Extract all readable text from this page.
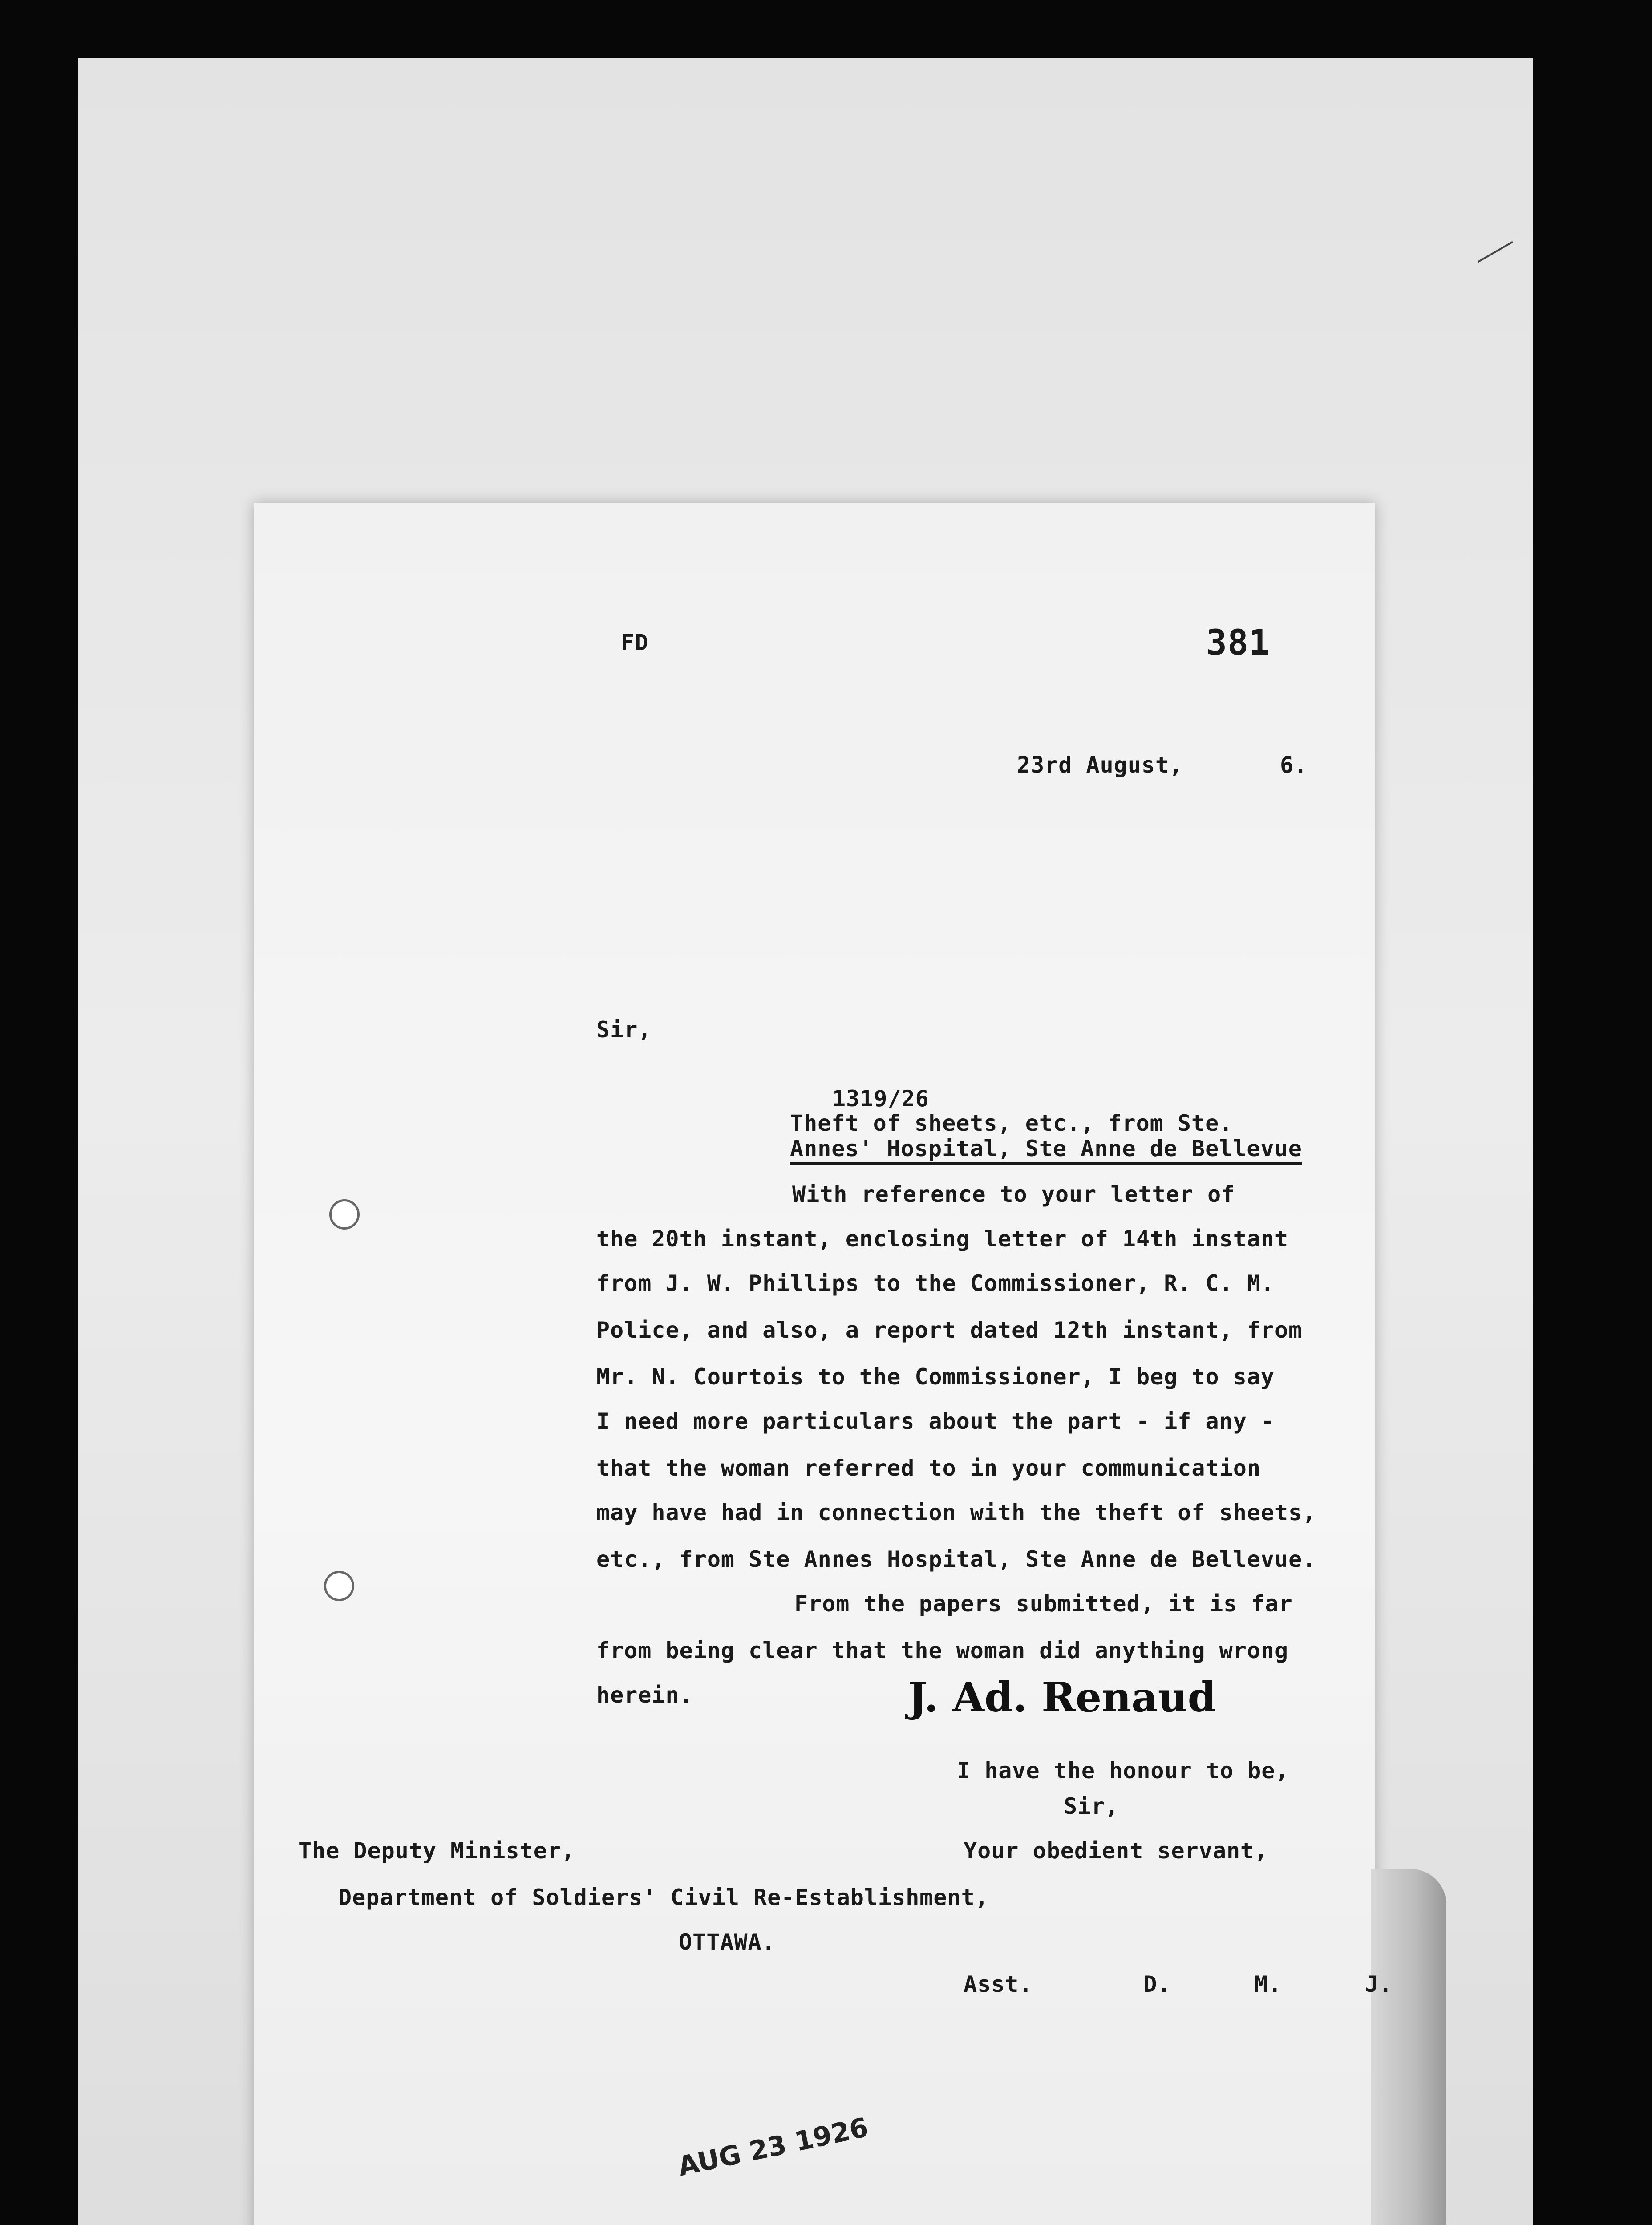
FD	381
23rd August,       6.
Sir,
1319/26
Theft of sheets, etc., from Ste.
Annes' Hospital, Ste Anne de Bellevue
With reference to your letter of
the 20th instant, enclosing letter of 14th instant
from J. W. Phillips to the Commissioner, R. C. M.
Police, and also, a report dated 12th instant, from
Mr. N. Courtois to the Commissioner, I beg to say
I need more particulars about the part - if any -
that the woman referred to in your communication
may have had in connection with the theft of sheets,
etc., from Ste Annes Hospital, Ste Anne de Bellevue.
From the papers submitted, it is far
from being clear that the woman did anything wrong
herein.	J. Ad. Renaud
I have the honour to be,
Sir,
Your obedient servant,
The Deputy Minister,
Department of Soldiers' Civil Re-Establishment,
OTTAWA.
Asst.        D.      M.      J.
AUG 23 1926
